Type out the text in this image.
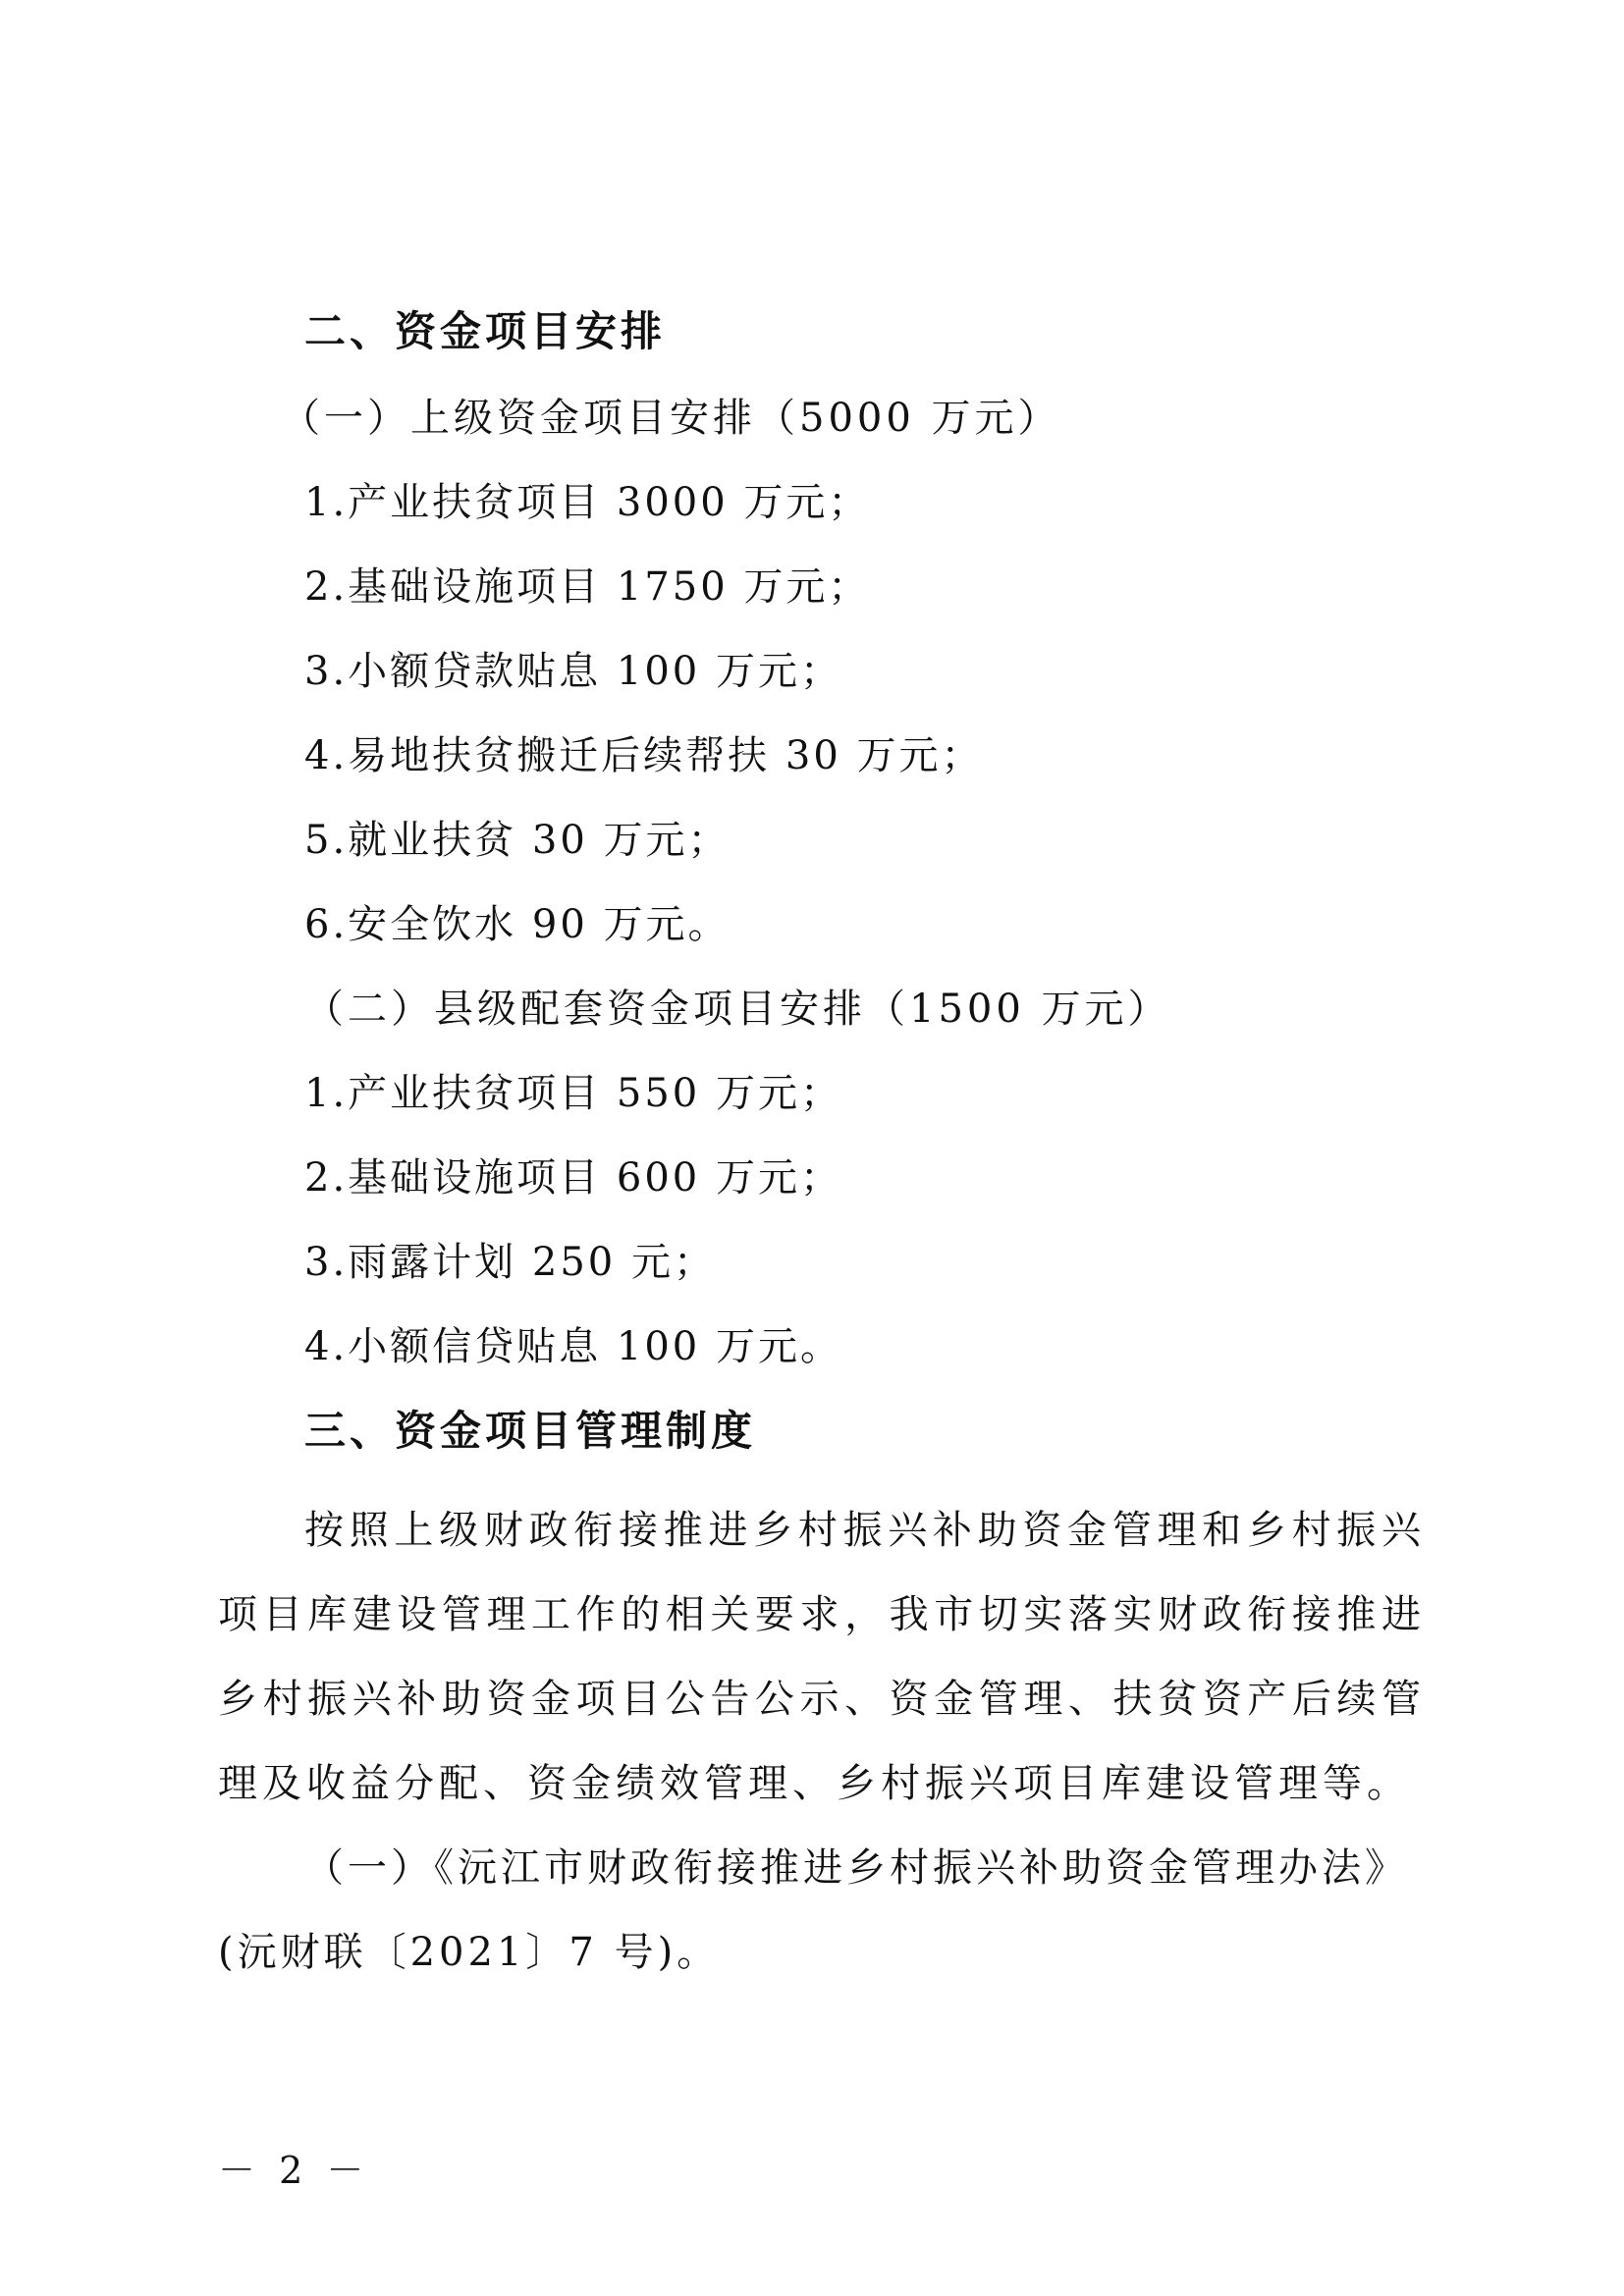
二、资金项目安排
（一）上级资金项目安排（5000 万元）
1.产业扶贫项目 3000 万元；
2.基础设施项目 1750 万元；
3.小额贷款贴息 100 万元；
4.易地扶贫搬迁后续帮扶 30 万元；
5.就业扶贫 30 万元；
6.安全饮水 90 万元。
（二）县级配套资金项目安排（1500 万元）
1.产业扶贫项目 550 万元；
2.基础设施项目 600 万元；
3.雨露计划 250 元；
4.小额信贷贴息 100 万元。
三、资金项目管理制度
按照上级财政衔接推进乡村振兴补助资金管理和乡村振兴项目库建设管理工作的相关要求，我市切实落实财政衔接推进乡村振兴补助资金项目公告公示、资金管理、扶贫资产后续管理及收益分配、资金绩效管理、乡村振兴项目库建设管理等。
（一）《沅江市财政衔接推进乡村振兴补助资金管理办法》(沅财联〔2021〕7 号)。
－ 2 －
